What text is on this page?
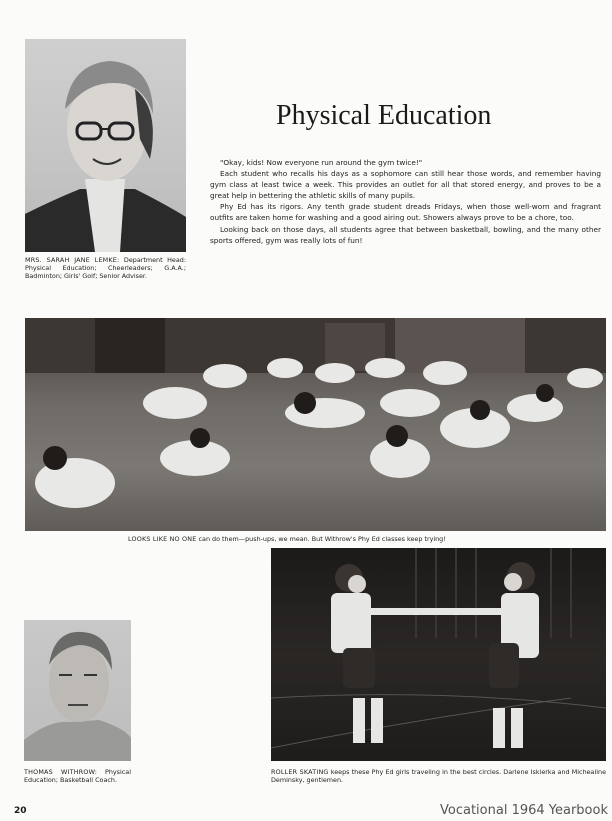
MRS. SARAH JANE LEMKE: Department Head: Physical Education; Cheerleaders; G.A.A.; Badminton; Girls' Golf; Senior Adviser.
Physical Education

"Okay, kids! Now everyone run around the gym twice!"

Each student who recalls his days as a sophomore can still hear those words, and remember having gym class at least twice a week. This provides an outlet for all that stored energy, and proves to be a great help in bettering the athletic skills of many pupils.

Phy Ed has its rigors. Any tenth grade student dreads Fridays, when those well-worn and fragrant outfits are taken home for washing and a good airing out. Showers always prove to be a chore, too.

Looking back on those days, all students agree that between basketball, bowling, and the many other sports offered, gym was really lots of fun!

LOOKS LIKE NO ONE can do them—push-ups, we mean. But Withrow's Phy Ed classes keep trying!
ROLLER SKATING keeps these Phy Ed girls traveling in the best circles. Darlene Iskierka and Michealine Deminsky, gentlemen.
THOMAS WITHROW: Physical Education; Basketball Coach.
20	Vocational 1964 Yearbook
